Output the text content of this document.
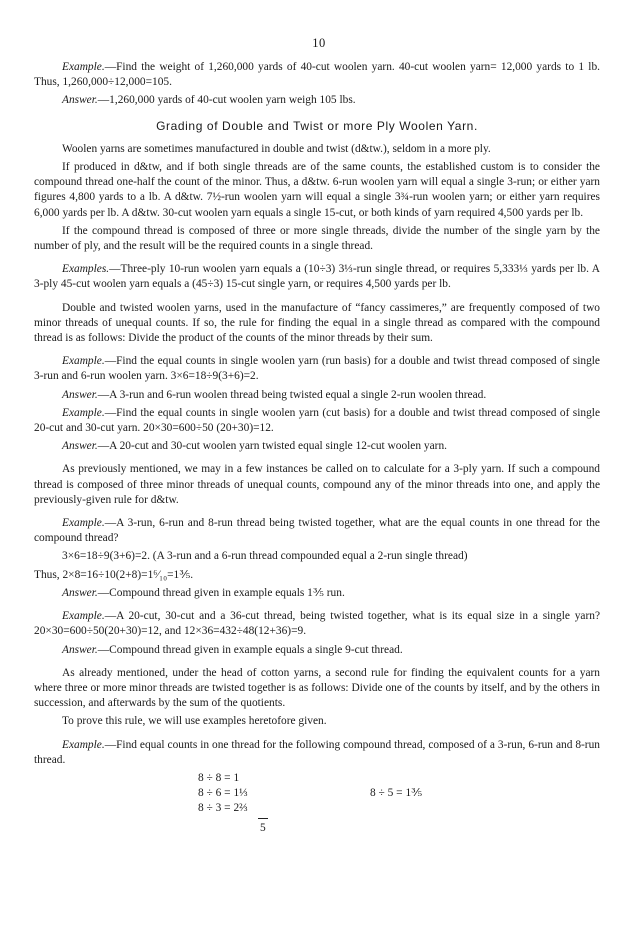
10

Example.—Find the weight of 1,260,000 yards of 40-cut woolen yarn. 40-cut woolen yarn= 12,000 yards to 1 lb. Thus, 1,260,000÷12,000=105.

Answer.—1,260,000 yards of 40-cut woolen yarn weigh 105 lbs.

Grading of Double and Twist or more Ply Woolen Yarn.

Woolen yarns are sometimes manufactured in double and twist (d&tw.), seldom in a more ply.

If produced in d&tw, and if both single threads are of the same counts, the established custom is to consider the compound thread one-half the count of the minor. Thus, a d&tw. 6-run woolen yarn will equal a single 3-run; or either yarn figures 4,800 yards to a lb. A d&tw. 7½-run woolen yarn will equal a single 3¾-run woolen yarn; or either yarn requires 6,000 yards per lb. A d&tw. 30-cut woolen yarn equals a single 15-cut, or both kinds of yarn required 4,500 yards per lb.

If the compound thread is composed of three or more single threads, divide the number of the single yarn by the number of ply, and the result will be the required counts in a single thread.

Examples.—Three-ply 10-run woolen yarn equals a (10÷3) 3⅓-run single thread, or requires 5,333⅓ yards per lb. A 3-ply 45-cut woolen yarn equals a (45÷3) 15-cut single yarn, or requires 4,500 yards per lb.

Double and twisted woolen yarns, used in the manufacture of “fancy cassimeres,” are frequently composed of two minor threads of unequal counts. If so, the rule for finding the equal in a single thread as compared with the compound thread is as follows: Divide the product of the counts of the minor threads by their sum.

Example.—Find the equal counts in single woolen yarn (run basis) for a double and twist thread composed of single 3-run and 6-run woolen yarn. 3×6=18÷9(3+6)=2.

Answer.—A 3-run and 6-run woolen thread being twisted equal a single 2-run woolen thread.

Example.—Find the equal counts in single woolen yarn (cut basis) for a double and twist thread composed of single 20-cut and 30-cut yarn. 20×30=600÷50 (20+30)=12.

Answer.—A 20-cut and 30-cut woolen yarn twisted equal single 12-cut woolen yarn.

As previously mentioned, we may in a few instances be called on to calculate for a 3-ply yarn. If such a compound thread is composed of three minor threads of unequal counts, compound any of the minor threads into one, and apply the previously-given rule for d&tw.

Example.—A 3-run, 6-run and 8-run thread being twisted together, what are the equal counts in one thread for the compound thread?

3×6=18÷9(3+6)=2. (A 3-run and a 6-run thread compounded equal a 2-run single thread)

Thus, 2×8=16÷10(2+8)=1⁶⁄₁₀=1⅗.

Answer.—Compound thread given in example equals 1⅗ run.

Example.—A 20-cut, 30-cut and a 36-cut thread, being twisted together, what is its equal size in a single yarn? 20×30=600÷50(20+30)=12, and 12×36=432÷48(12+36)=9.

Answer.—Compound thread given in example equals a single 9-cut thread.

As already mentioned, under the head of cotton yarns, a second rule for finding the equivalent counts for a yarn where three or more minor threads are twisted together is as follows: Divide one of the counts by itself, and by the others in succession, and afterwards by the sum of the quotients.

To prove this rule, we will use examples heretofore given.

Example.—Find equal counts in one thread for the following compound thread, composed of a 3-run, 6-run and 8-run thread.

8 ÷ 8 = 1
8 ÷ 6 = 1⅓
8 ÷ 3 = 2⅔
5
8 ÷ 5 = 1⅗
